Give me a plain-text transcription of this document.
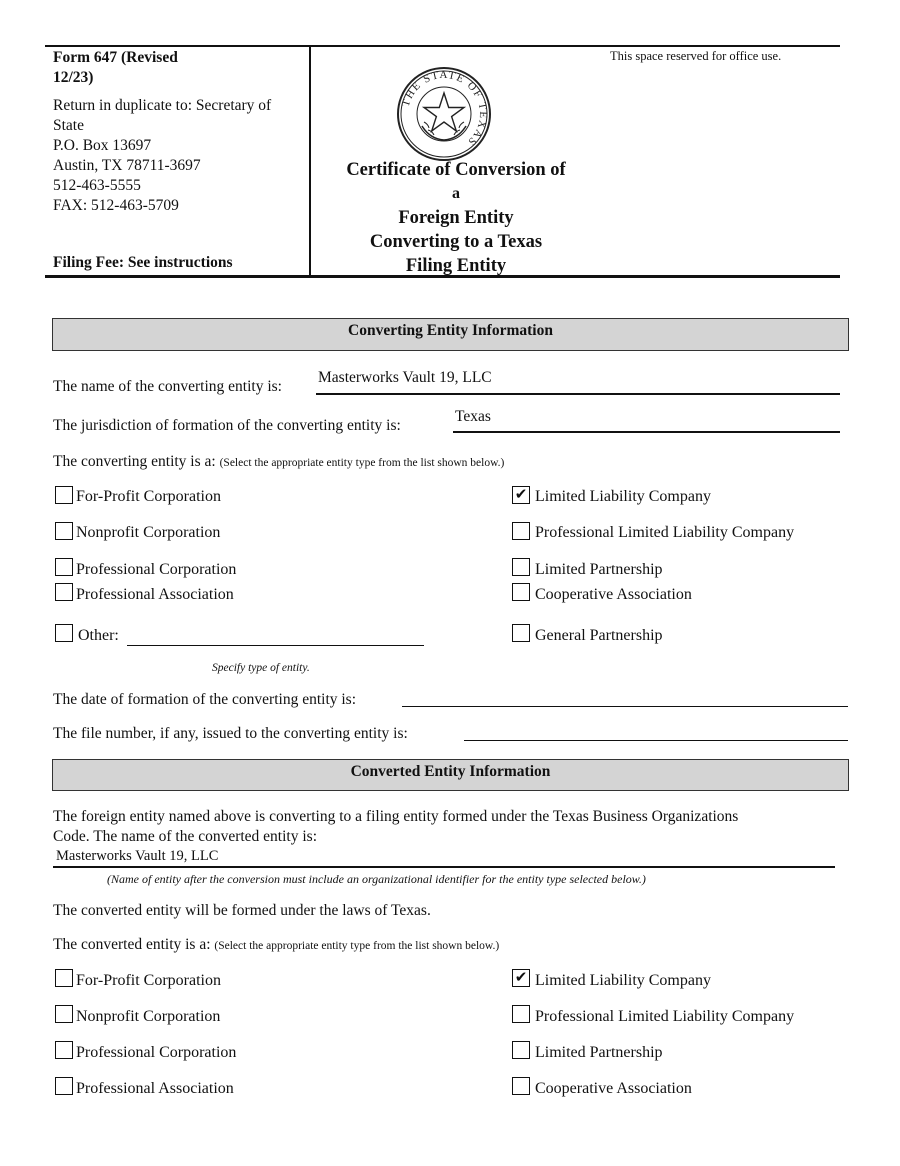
Form 647 (Revised
12/23)
Return in duplicate to: Secretary of
State
P.O. Box 13697
Austin, TX 78711-3697
512-463-5555
FAX: 512-463-5709
Filing Fee: See instructions
THE STATE OF TEXAS
This space reserved for office use.
Certificate of Conversion of
a
Foreign Entity
Converting to a Texas
Filing Entity
Converting Entity Information
The name of the converting entity is:
Masterworks Vault 19, LLC
The jurisdiction of formation of the converting entity is:
Texas
The converting entity is a: (Select the appropriate entity type from the list shown below.)
For-Profit Corporation	✔ Limited Liability Company
Nonprofit Corporation	Professional Limited Liability Company
Professional Corporation	Limited Partnership
Professional Association	Cooperative Association
Other:	General Partnership
Specify type of entity.
The date of formation of the converting entity is:
The file number, if any, issued to the converting entity is:
Converted Entity Information
The foreign entity named above is converting to a filing entity formed under the Texas Business Organizations
Code. The name of the converted entity is:
Masterworks Vault 19, LLC
(Name of entity after the conversion must include an organizational identifier for the entity type selected below.)
The converted entity will be formed under the laws of Texas.
The converted entity is a: (Select the appropriate entity type from the list shown below.)
For-Profit Corporation	✔ Limited Liability Company
Nonprofit Corporation	Professional Limited Liability Company
Professional Corporation	Limited Partnership
Professional Association	Cooperative Association
